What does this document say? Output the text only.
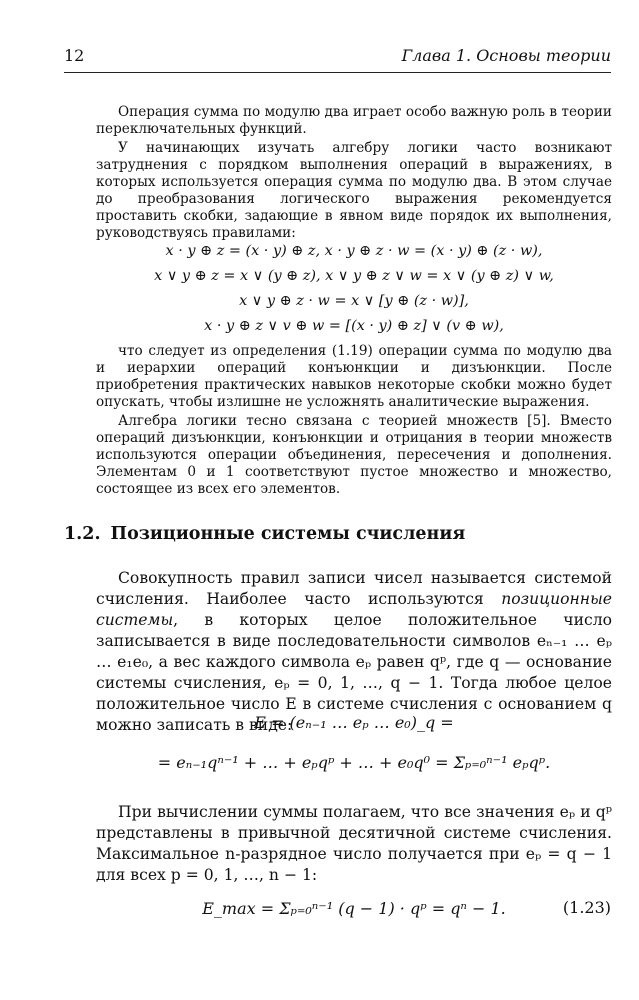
12	Глава 1. Основы теории

Операция сумма по модулю два играет особо важную роль в теории переключательных функций.

У начинающих изучать алгебру логики часто возникают затруднения с порядком выполнения операций в выражениях, в которых используется операция сумма по модулю два. В этом случае до преобразования логического выражения рекомендуется проставить скобки, задающие в явном виде порядок их выполнения, руководствуясь правилами:

x · y ⊕ z = (x · y) ⊕ z, x · y ⊕ z · w = (x · y) ⊕ (z · w),
x ∨ y ⊕ z = x ∨ (y ⊕ z), x ∨ y ⊕ z ∨ w = x ∨ (y ⊕ z) ∨ w,
x ∨ y ⊕ z · w = x ∨ [y ⊕ (z · w)],
x · y ⊕ z ∨ v ⊕ w = [(x · y) ⊕ z] ∨ (v ⊕ w),

что следует из определения (1.19) операции сумма по модулю два и иерархии операций конъюнкции и дизъюнкции. После приобретения практических навыков некоторые скобки можно будет опускать, чтобы излишне не усложнять аналитические выражения.

Алгебра логики тесно связана с теорией множеств [5]. Вместо операций дизъюнкции, конъюнкции и отрицания в теории множеств используются операции объединения, пересечения и дополнения. Элементам 0 и 1 соответствуют пустое множество и множество, состоящее из всех его элементов.

1.2. Позиционные системы счисления

Совокупность правил записи чисел называется системой счисления. Наиболее часто используются позиционные системы, в которых целое положительное число записывается в виде последовательности символов eₙ₋₁ … eₚ … e₁e₀, а вес каждого символа eₚ равен qᵖ, где q — основание системы счисления, eₚ = 0, 1, …, q − 1. Тогда любое целое положительное число E в системе счисления с основанием q можно записать в виде:

E = (eₙ₋₁ … eₚ … e₀)_q =
= eₙ₋₁qⁿ⁻¹ + … + eₚqᵖ + … + e₀q⁰ = Σₚ₌₀ⁿ⁻¹ eₚqᵖ.

При вычислении суммы полагаем, что все значения eₚ и qᵖ представлены в привычной десятичной системе счисления. Максимальное n-разрядное число получается при eₚ = q − 1 для всех p = 0, 1, …, n − 1:

E_max = Σₚ₌₀ⁿ⁻¹ (q − 1) · qᵖ = qⁿ − 1.	(1.23)
